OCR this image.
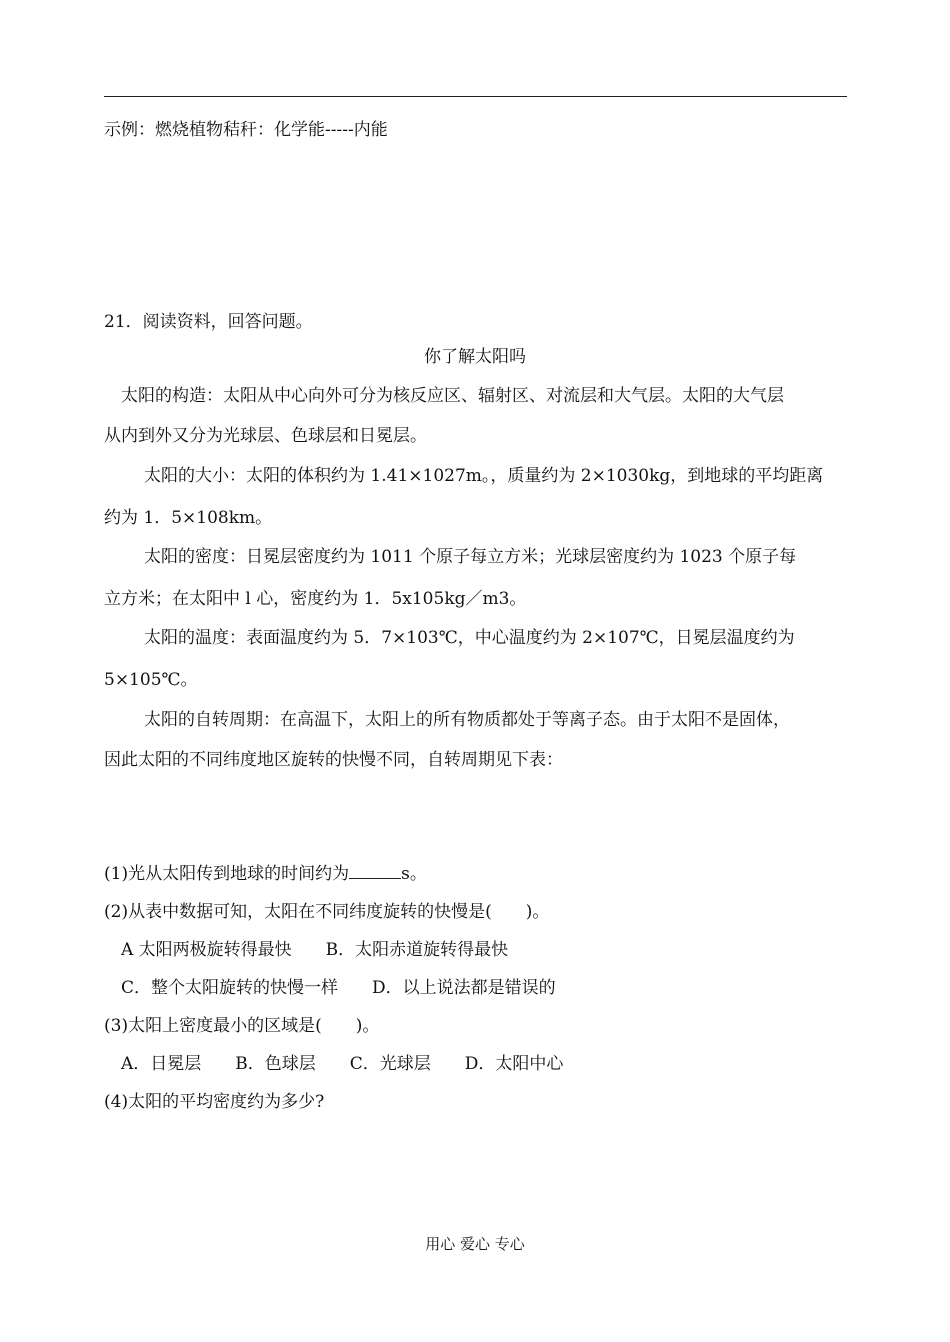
示例：燃烧植物秸秆：化学能-----内能
21．阅读资料，回答问题。
你了解太阳吗
太阳的构造：太阳从中心向外可分为核反应区、辐射区、对流层和大气层。太阳的大气层
从内到外又分为光球层、色球层和日冕层。
太阳的大小：太阳的体积约为 1.41×1027m。，质量约为 2×1030kg，到地球的平均距离
约为 1．5×108km。
太阳的密度：日冕层密度约为 1011 个原子每立方米；光球层密度约为 1023 个原子每
立方米；在太阳中 l 心，密度约为 1．5x105kg／m3。
太阳的温度：表面温度约为 5．7×103℃，中心温度约为 2×107℃，日冕层温度约为
5×105℃。
太阳的自转周期：在高温下，太阳上的所有物质都处于等离子态。由于太阳不是固体，
因此太阳的不同纬度地区旋转的快慢不同，自转周期见下表：
(1)光从太阳传到地球的时间约为	s。
(2)从表中数据可知，太阳在不同纬度旋转的快慢是(　　)。
A 太阳两极旋转得最快　　B．太阳赤道旋转得最快
C．整个太阳旋转的快慢一样　　D．以上说法都是错误的
(3)太阳上密度最小的区域是(　　)。
A．日冕层　　B．色球层　　C．光球层　　D．太阳中心
(4)太阳的平均密度约为多少?
用心 爱心 专心
